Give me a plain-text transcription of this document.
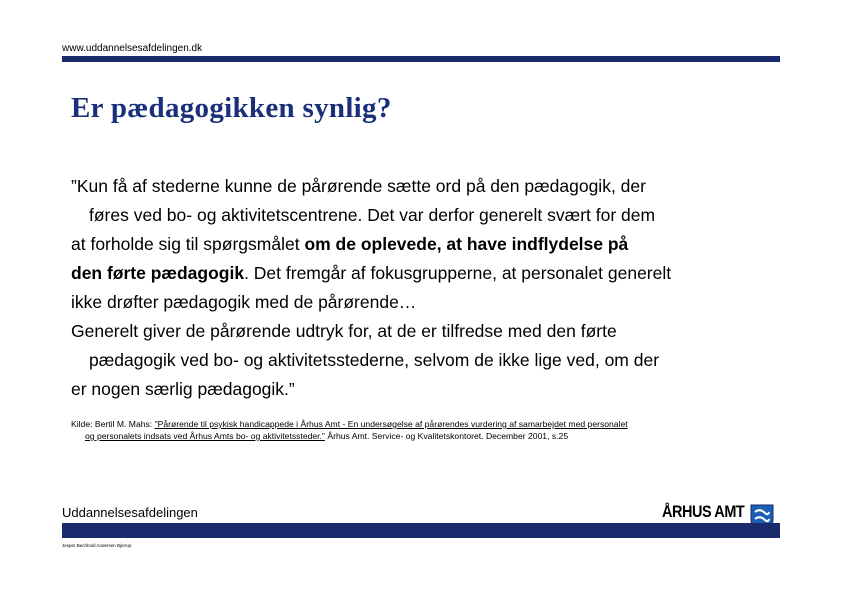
www.uddannelsesafdelingen.dk
Er pædagogikken synlig?
”Kun få af stederne kunne de pårørende sætte ord på den pædagogik, der
føres ved bo- og aktivitetscentrene. Det var derfor generelt svært for dem
at forholde sig til spørgsmålet om de oplevede, at have indflydelse på
den førte pædagogik. Det fremgår af fokusgrupperne, at personalet generelt
ikke drøfter pædagogik med de pårørende…
Generelt giver de pårørende udtryk for, at de er tilfredse med den førte
pædagogik ved bo- og aktivitetsstederne, selvom de ikke lige ved, om der
er nogen særlig pædagogik.”
Kilde: Bertil M. Mahs: "Pårørende til psykisk handicappede i Århus Amt - En undersøgelse af pårørendes vurdering af samarbejdet med personalet
og personalets indsats ved Århus Amts bo- og aktivitetssteder." Århus Amt. Service- og Kvalitetskontoret. December 2001, s.25
Uddannelsesafdelingen	ÅRHUS AMT
Jesper Bechhold Andersen Bjerrup
